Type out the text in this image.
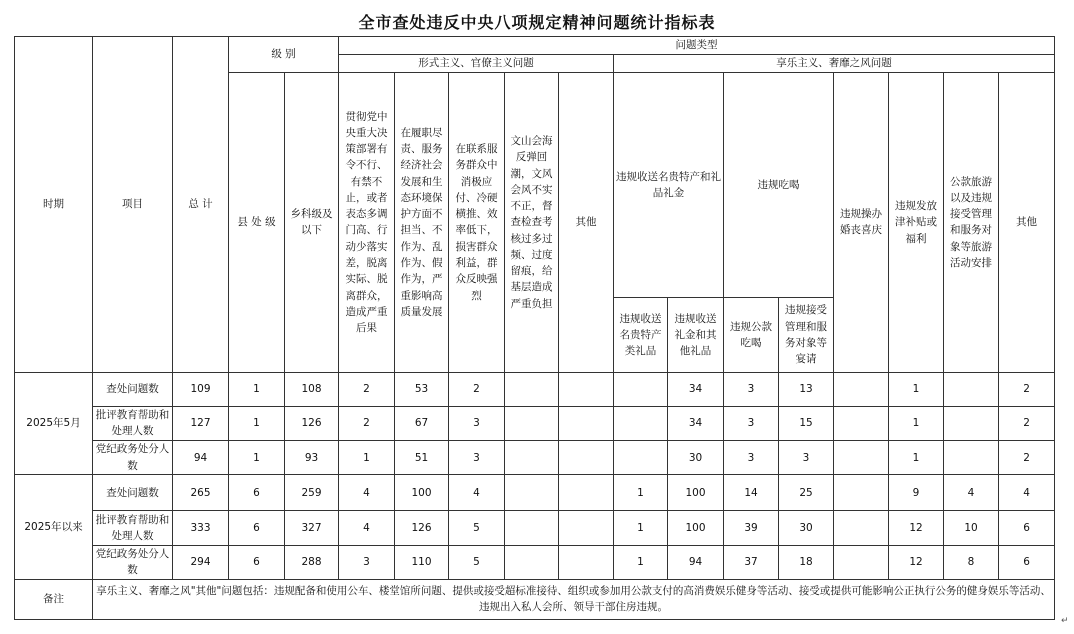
全市查处违反中央八项规定精神问题统计指标表
时期	项目	总 计	级 别		问题类型												
					形式主义、官僚主义问题					享乐主义、奢靡之风问题							
			县 处 级	乡科级及以下	贯彻党中央重大决策部署有令不行、有禁不止，或者表态多调门高、行动少落实差，脱离实际、脱离群众，造成严重后果	在履职尽责、服务经济社会发展和生态环境保护方面不担当、不作为、乱作为、假作为，严重影响高质量发展	在联系服务群众中消极应付、冷硬横推、效率低下，损害群众利益，群众反映强烈	文山会海反弹回潮，文风会风不实不正，督查检查考核过多过频、过度留痕，给基层造成严重负担	其他	违规收送名贵特产和礼品礼金		违规吃喝		违规操办婚丧喜庆	违规发放津补贴或福利	公款旅游以及违规接受管理和服务对象等旅游活动安排	其他
										违规收送名贵特产类礼品	违规收送礼金和其他礼品	违规公款吃喝	违规接受管理和服务对象等宴请				
2025年5月	查处问题数	109	1	108	2	53	2				34	3	13		1		2
	批评教育帮助和处理人数	127	1	126	2	67	3				34	3	15		1		2
	党纪政务处分人数	94	1	93	1	51	3				30	3	3		1		2
2025年以来	查处问题数	265	6	259	4	100	4			1	100	14	25		9	4	4
	批评教育帮助和处理人数	333	6	327	4	126	5			1	100	39	30		12	10	6
	党纪政务处分人数	294	6	288	3	110	5			1	94	37	18		12	8	6
备注	享乐主义、奢靡之风"其他"问题包括：违规配备和使用公车、楼堂馆所问题、提供或接受超标准接待、组织或参加用公款支付的高消费娱乐健身等活动、接受或提供可能影响公正执行公务的健身娱乐等活动、违规出入私人会所、领导干部住房违规。																
↵
